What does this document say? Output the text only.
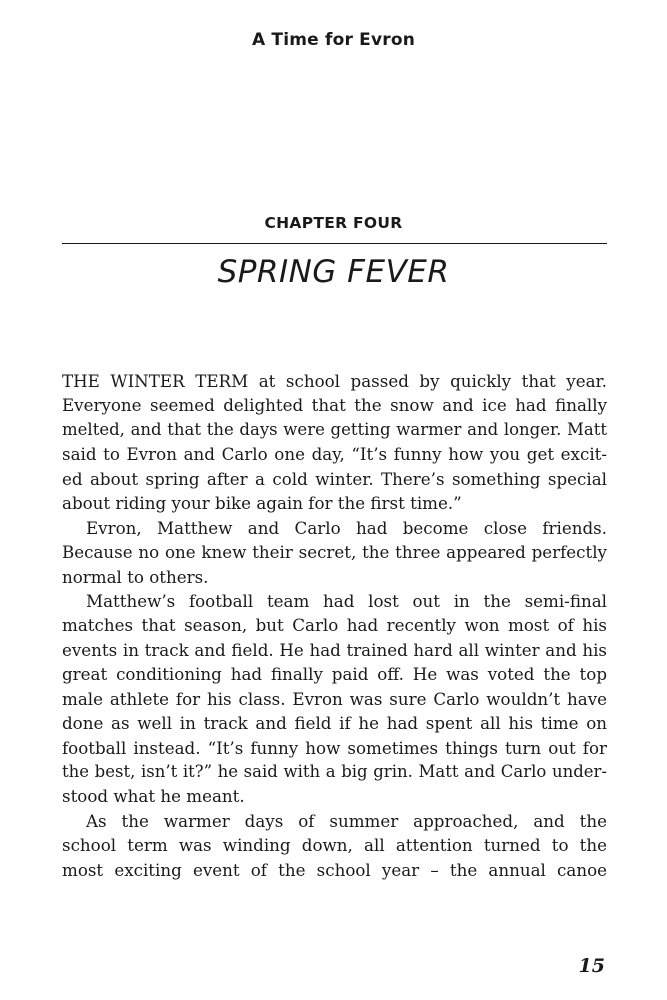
A Time for Evron
CHAPTER FOUR
SPRING FEVER
THE WINTER TERM at school passed by quickly that year.
Everyone seemed delighted that the snow and ice had finally
melted, and that the days were getting warmer and longer. Matt
said to Evron and Carlo one day, “It’s funny how you get excit-
ed about spring after a cold winter. There’s something special
about riding your bike again for the first time.”
Evron, Matthew and Carlo had become close friends.
Because no one knew their secret, the three appeared perfectly
normal to others.
Matthew’s football team had lost out in the semi-final
matches that season, but Carlo had recently won most of his
events in track and field. He had trained hard all winter and his
great conditioning had finally paid off. He was voted the top
male athlete for his class. Evron was sure Carlo wouldn’t have
done as well in track and field if he had spent all his time on
football instead. “It’s funny how sometimes things turn out for
the best, isn’t it?” he said with a big grin. Matt and Carlo under-
stood what he meant.
As the warmer days of summer approached, and the
school term was winding down, all attention turned to the
most exciting event of the school year – the annual canoe
15
